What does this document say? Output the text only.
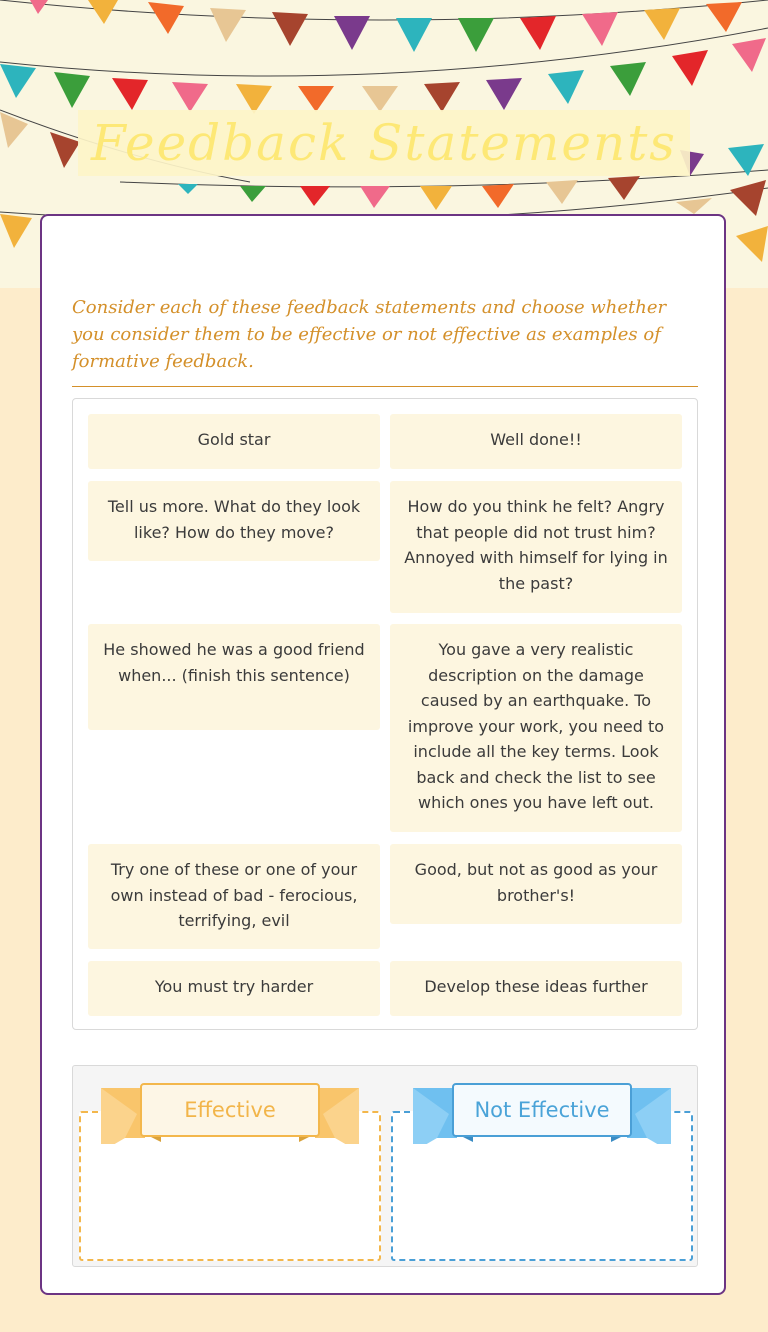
Feedback Statements

Consider each of these feedback statements and choose whether you consider them to be effective or not effective as examples of formative feedback.

Gold star	Well done!!
Tell us more. What do they look like? How do they move?
How do you think he felt? Angry that people did not trust him? Annoyed with himself for lying in the past?
He showed he was a good friend when... (finish this sentence)
You gave a very realistic description on the damage caused by an earthquake. To improve your work, you need to include all the key terms. Look back and check the list to see which ones you have left out.
Try one of these or one of your own instead of bad - ferocious, terrifying, evil
Good, but not as good as your brother's!
You must try harder	Develop these ideas further
Effective	Not Effective
